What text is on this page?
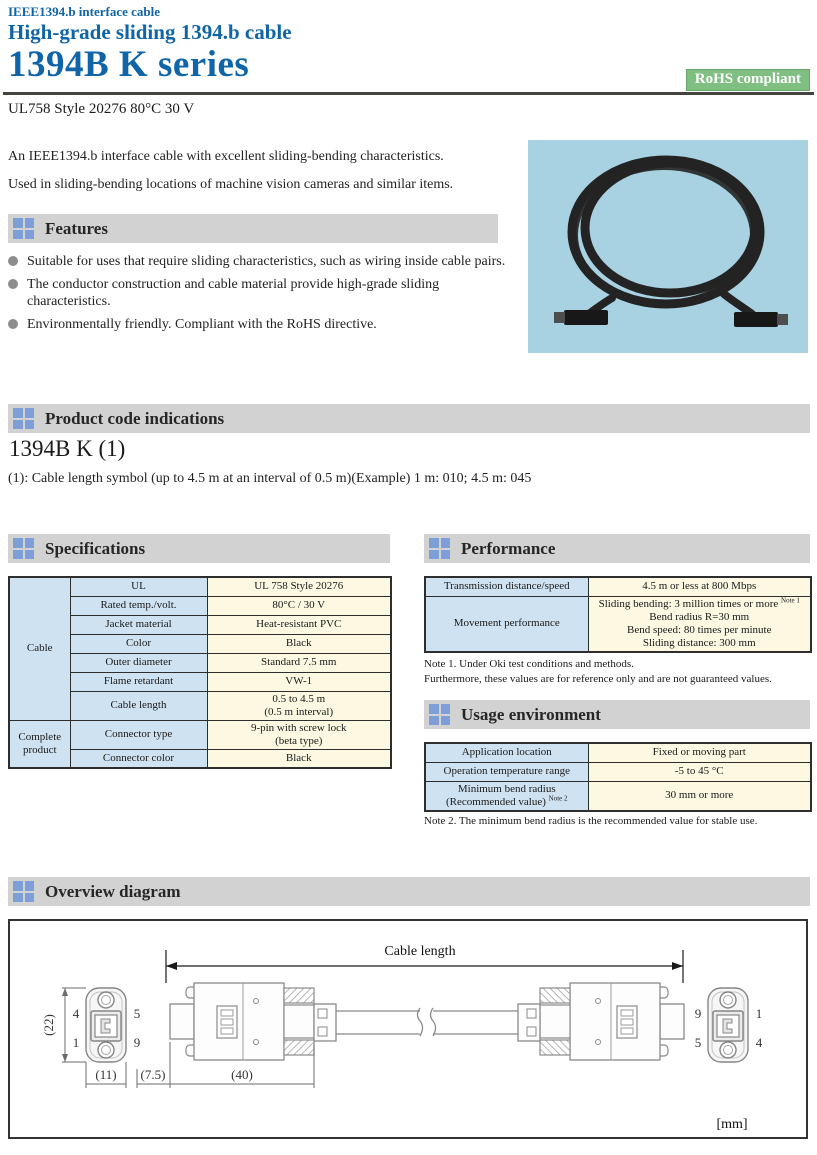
IEEE1394.b interface cable
High-grade sliding 1394.b cable
1394B K series	RoHS compliant
UL758 Style 20276 80°C 30 V
An IEEE1394.b interface cable with excellent sliding-bending characteristics.
Used in sliding-bending locations of machine vision cameras and similar items.
Features
Suitable for uses that require sliding characteristics, such as wiring inside cable pairs.
The conductor construction and cable material provide high-grade sliding characteristics.
Environmentally friendly. Compliant with the RoHS directive.
Product code indications
1394B K (1)
(1): Cable length symbol (up to 4.5 m at an interval of 0.5 m)(Example) 1 m: 010; 4.5 m: 045
Specifications
Cable	UL	UL 758 Style 20276
	Rated temp./volt.	80°C / 30 V
	Jacket material	Heat-resistant PVC
	Color	Black
	Outer diameter	Standard 7.5 mm
	Flame retardant	VW-1
	Cable length	0.5 to 4.5 m
(0.5 m interval)

Complete product	Connector type	9-pin with screw lock
(beta type)

	Connector color	Black
Performance
Transmission distance/speed	4.5 m or less at 800 Mbps
Movement performance	Sliding bending: 3 million times or more $^{Note 1}$
Bend radius R=30 mm
Bend speed: 80 times per minute
Sliding distance: 300 mm
Note 1. Under Oki test conditions and methods.
Furthermore, these values are for reference only and are not guaranteed values.
Usage environment
Application location	Fixed or moving part
Operation temperature range	-5 to 45 °C

Minimum bend radius
(Recommended value) $^{Note 2}$	30 mm or more
Note 2. The minimum bend radius is the recommended value for stable use.
Overview diagram
Cable length
4	5
1	9
(22)
(11) (7.5)	(40)
9	1
5	4
[mm]
